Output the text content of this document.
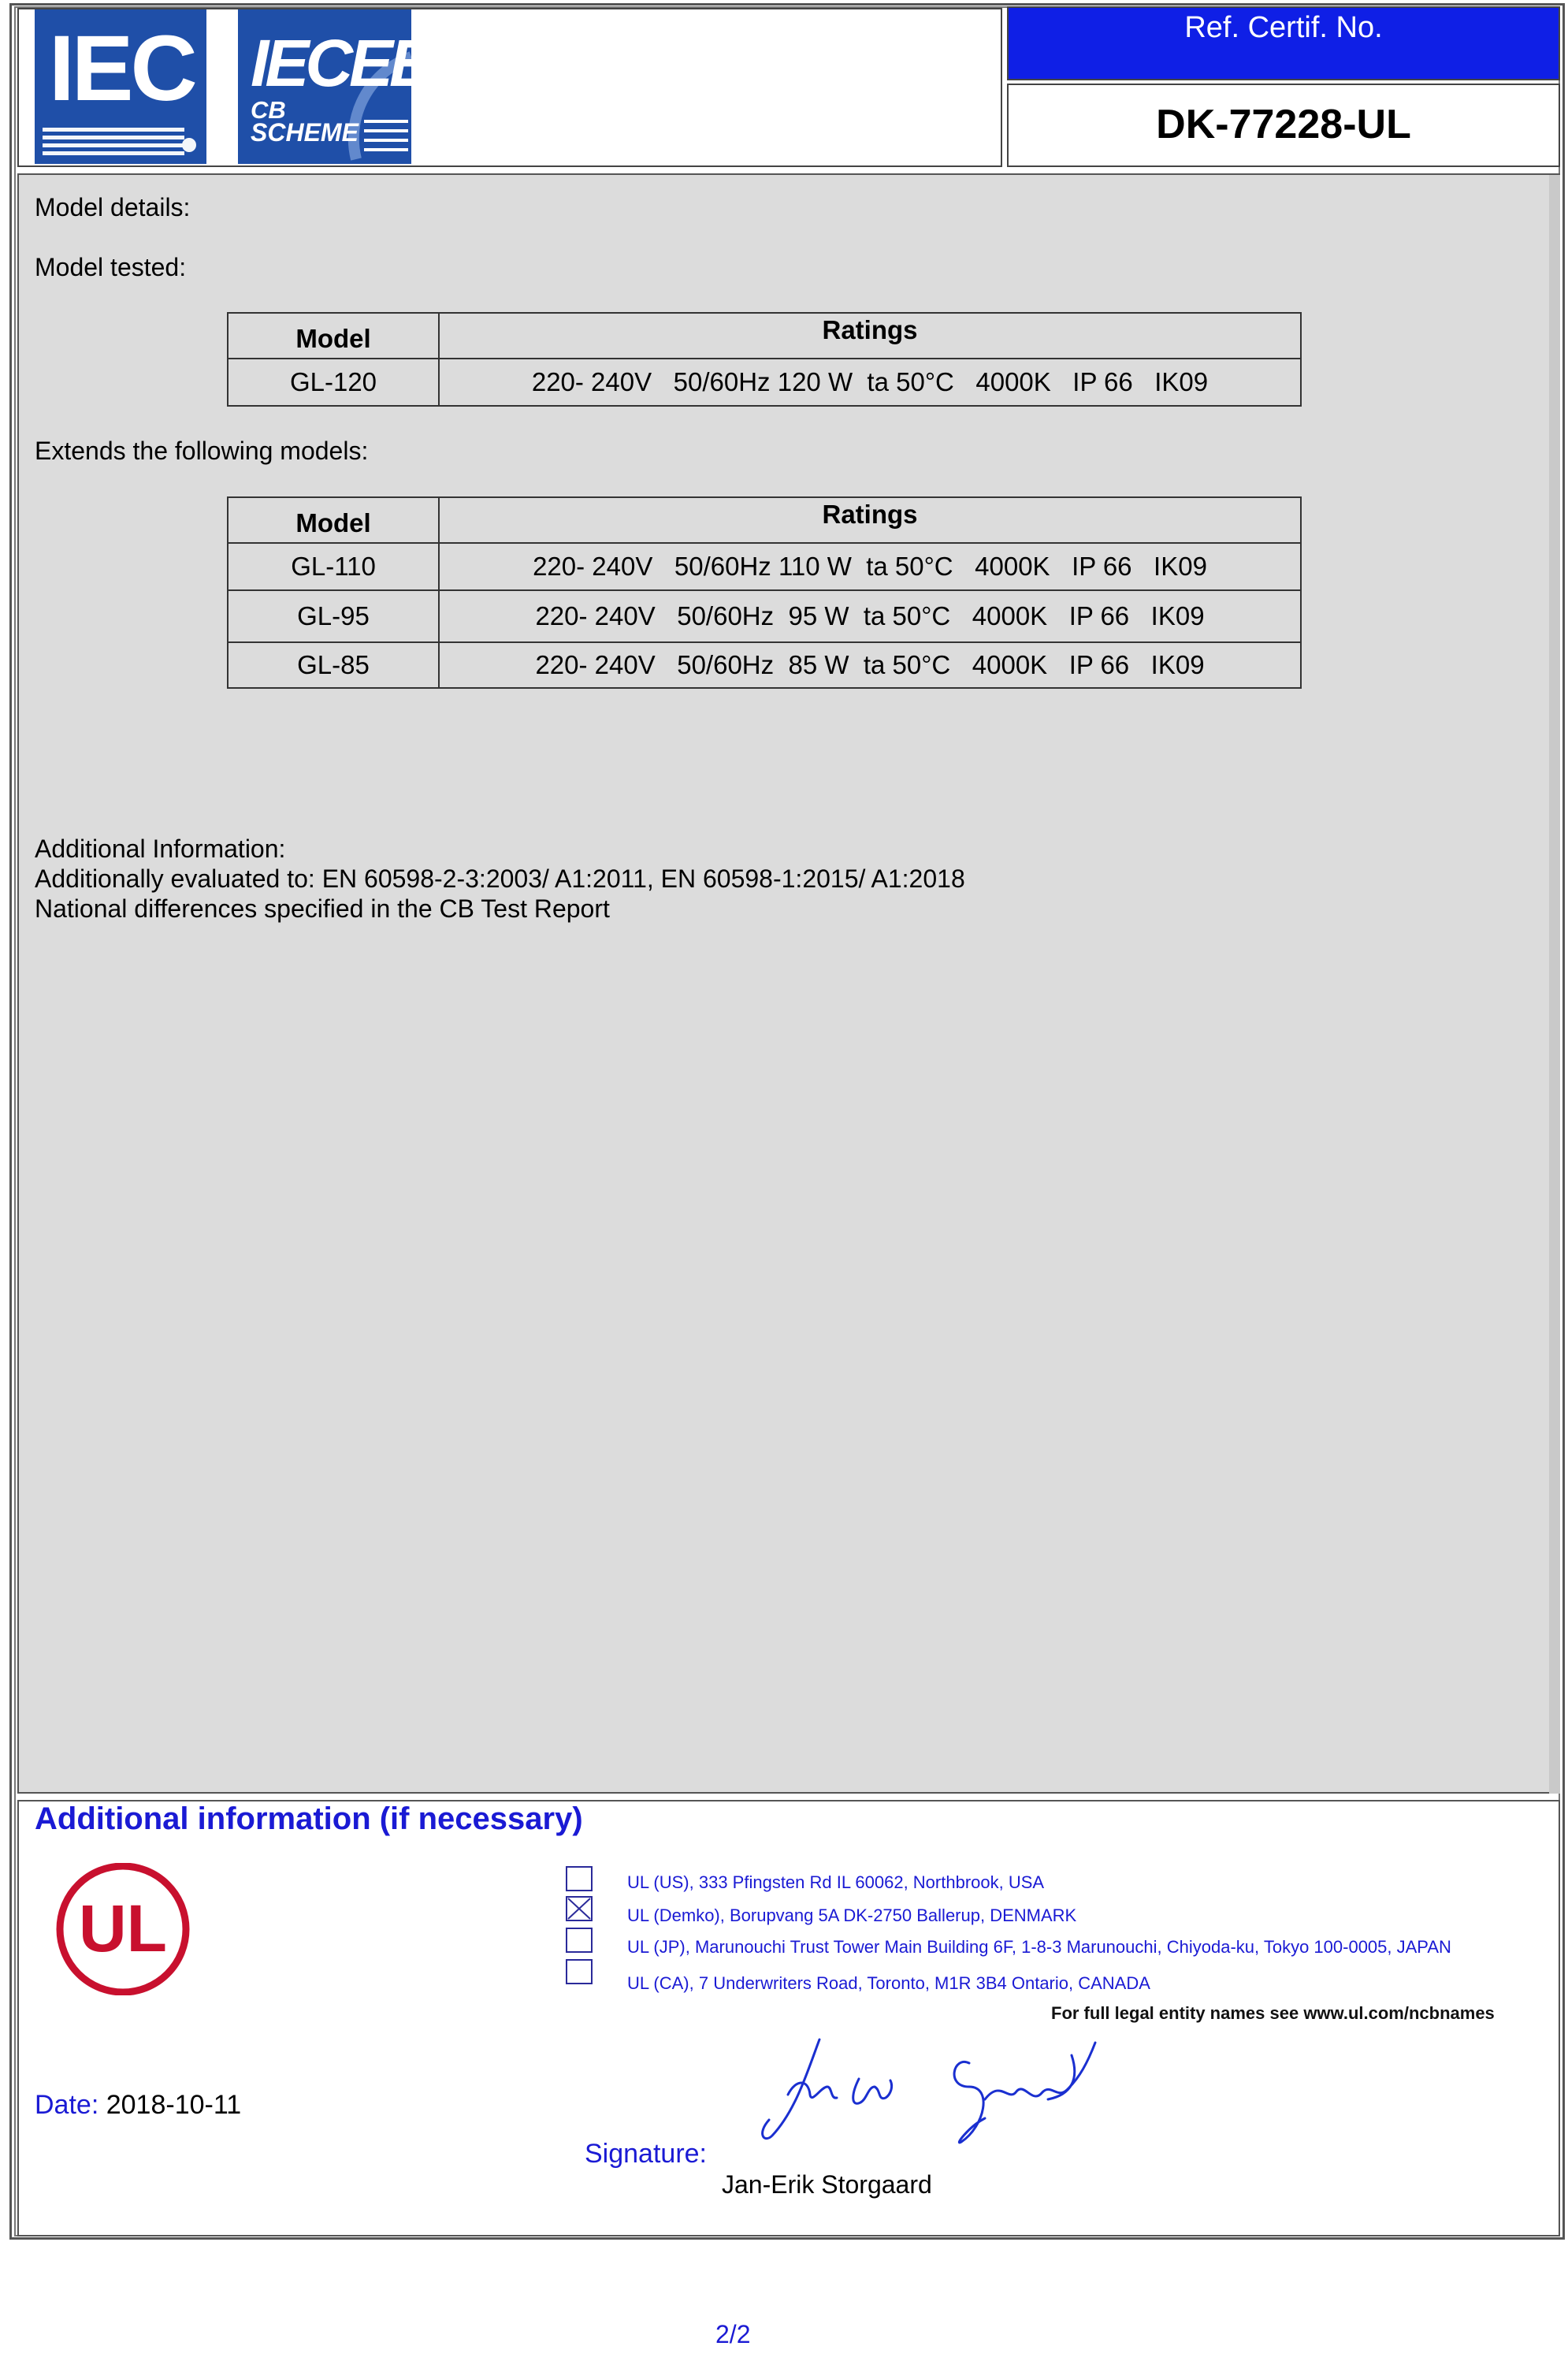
IEC IECEE
CB
SCHEME
Ref. Certif. No.
DK-77228-UL
Model details:
Model tested:
Model	Ratings
GL-120	220- 240V   50/60Hz 120 W  ta 50°C   4000K   IP 66   IK09
Extends the following models:
Model	Ratings
GL-110	220- 240V   50/60Hz 110 W  ta 50°C   4000K   IP 66   IK09
GL-95	220- 240V   50/60Hz  95 W  ta 50°C   4000K   IP 66   IK09
GL-85	220- 240V   50/60Hz  85 W  ta 50°C   4000K   IP 66   IK09
Additional Information:
Additionally evaluated to: EN 60598-2-3:2003/ A1:2011, EN 60598-1:2015/ A1:2018
National differences specified in the CB Test Report
Additional information (if necessary)
UL
UL (US), 333 Pfingsten Rd IL 60062, Northbrook, USA
UL (Demko), Borupvang 5A DK-2750 Ballerup, DENMARK
UL (JP), Marunouchi Trust Tower Main Building 6F, 1-8-3 Marunouchi, Chiyoda-ku, Tokyo 100-0005, JAPAN
UL (CA), 7 Underwriters Road, Toronto, M1R 3B4 Ontario, CANADA
For full legal entity names see www.ul.com/ncbnames
Date: 2018-10-11
Signature:
Jan-Erik Storgaard
2/2
